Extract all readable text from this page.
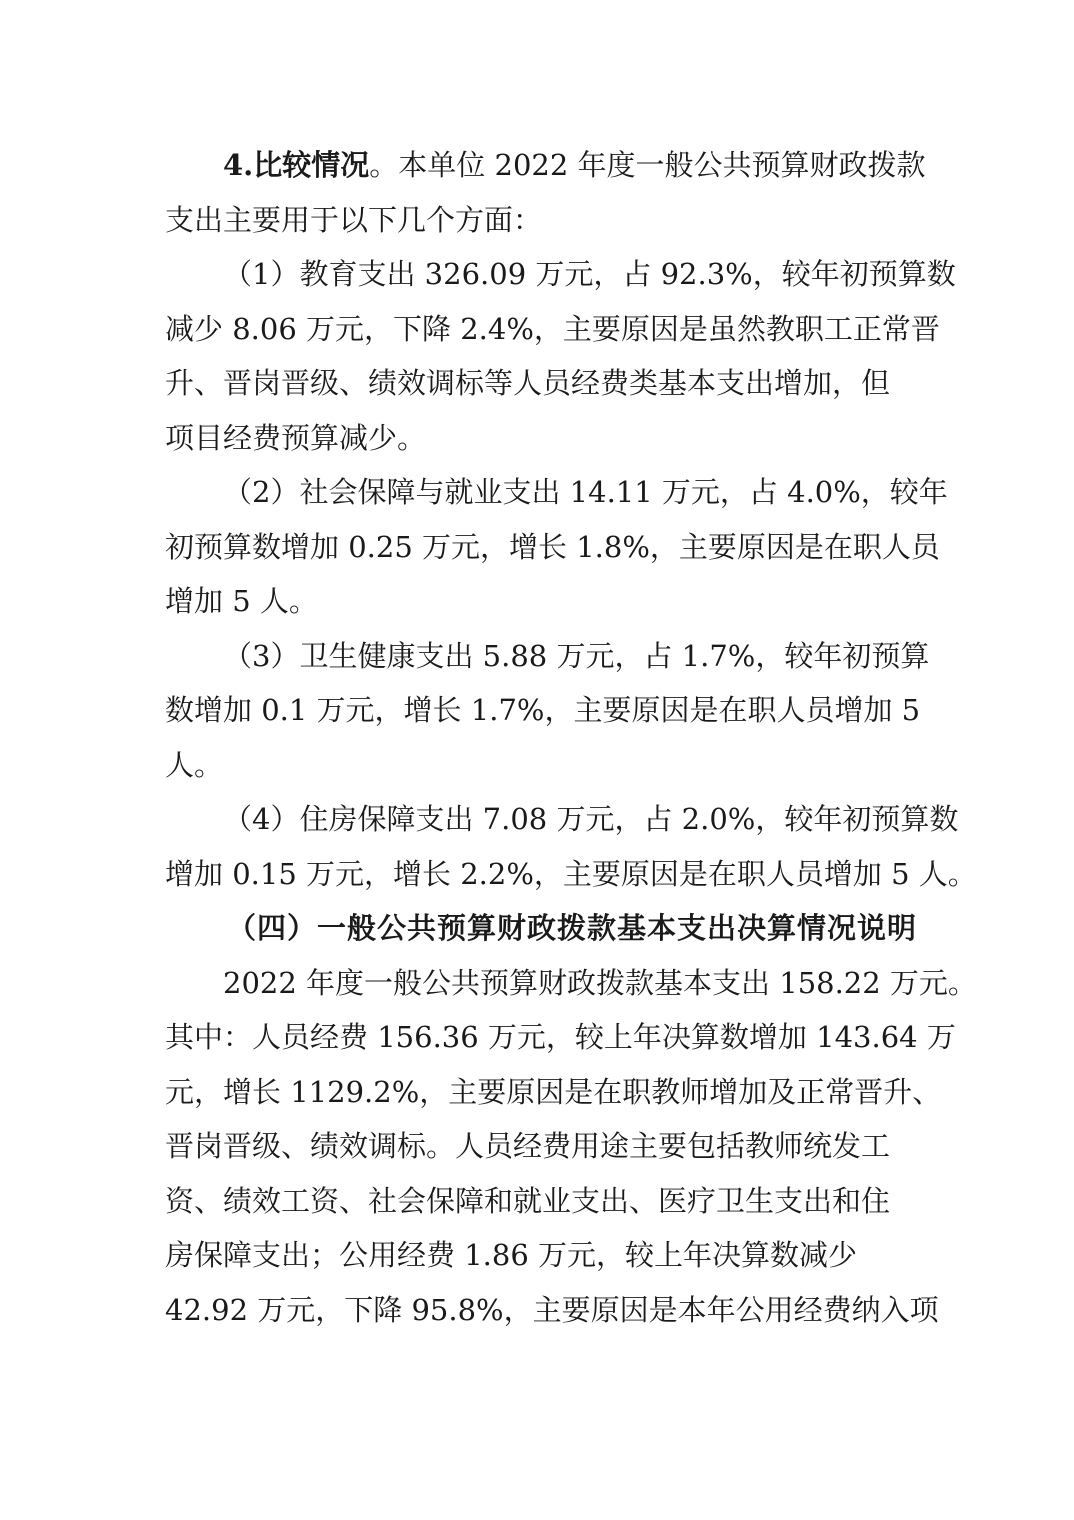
4.比较情况。本单位 2022 年度一般公共预算财政拨款
支出主要用于以下几个方面：
（1）教育支出 326.09 万元，占 92.3%，较年初预算数
减少 8.06 万元，下降 2.4%，主要原因是虽然教职工正常晋
升、晋岗晋级、绩效调标等人员经费类基本支出增加，但
项目经费预算减少。
（2）社会保障与就业支出 14.11 万元，占 4.0%，较年
初预算数增加 0.25 万元，增长 1.8%，主要原因是在职人员
增加 5 人。
（3）卫生健康支出 5.88 万元，占 1.7%，较年初预算
数增加 0.1 万元，增长 1.7%，主要原因是在职人员增加 5
人。
（4）住房保障支出 7.08 万元，占 2.0%，较年初预算数
增加 0.15 万元，增长 2.2%，主要原因是在职人员增加 5 人。
（四）一般公共预算财政拨款基本支出决算情况说明
2022 年度一般公共预算财政拨款基本支出 158.22 万元。
其中：人员经费 156.36 万元，较上年决算数增加 143.64 万
元，增长 1129.2%，主要原因是在职教师增加及正常晋升、
晋岗晋级、绩效调标。人员经费用途主要包括教师统发工
资、绩效工资、社会保障和就业支出、医疗卫生支出和住
房保障支出；公用经费 1.86 万元，较上年决算数减少
42.92 万元，下降 95.8%，主要原因是本年公用经费纳入项
